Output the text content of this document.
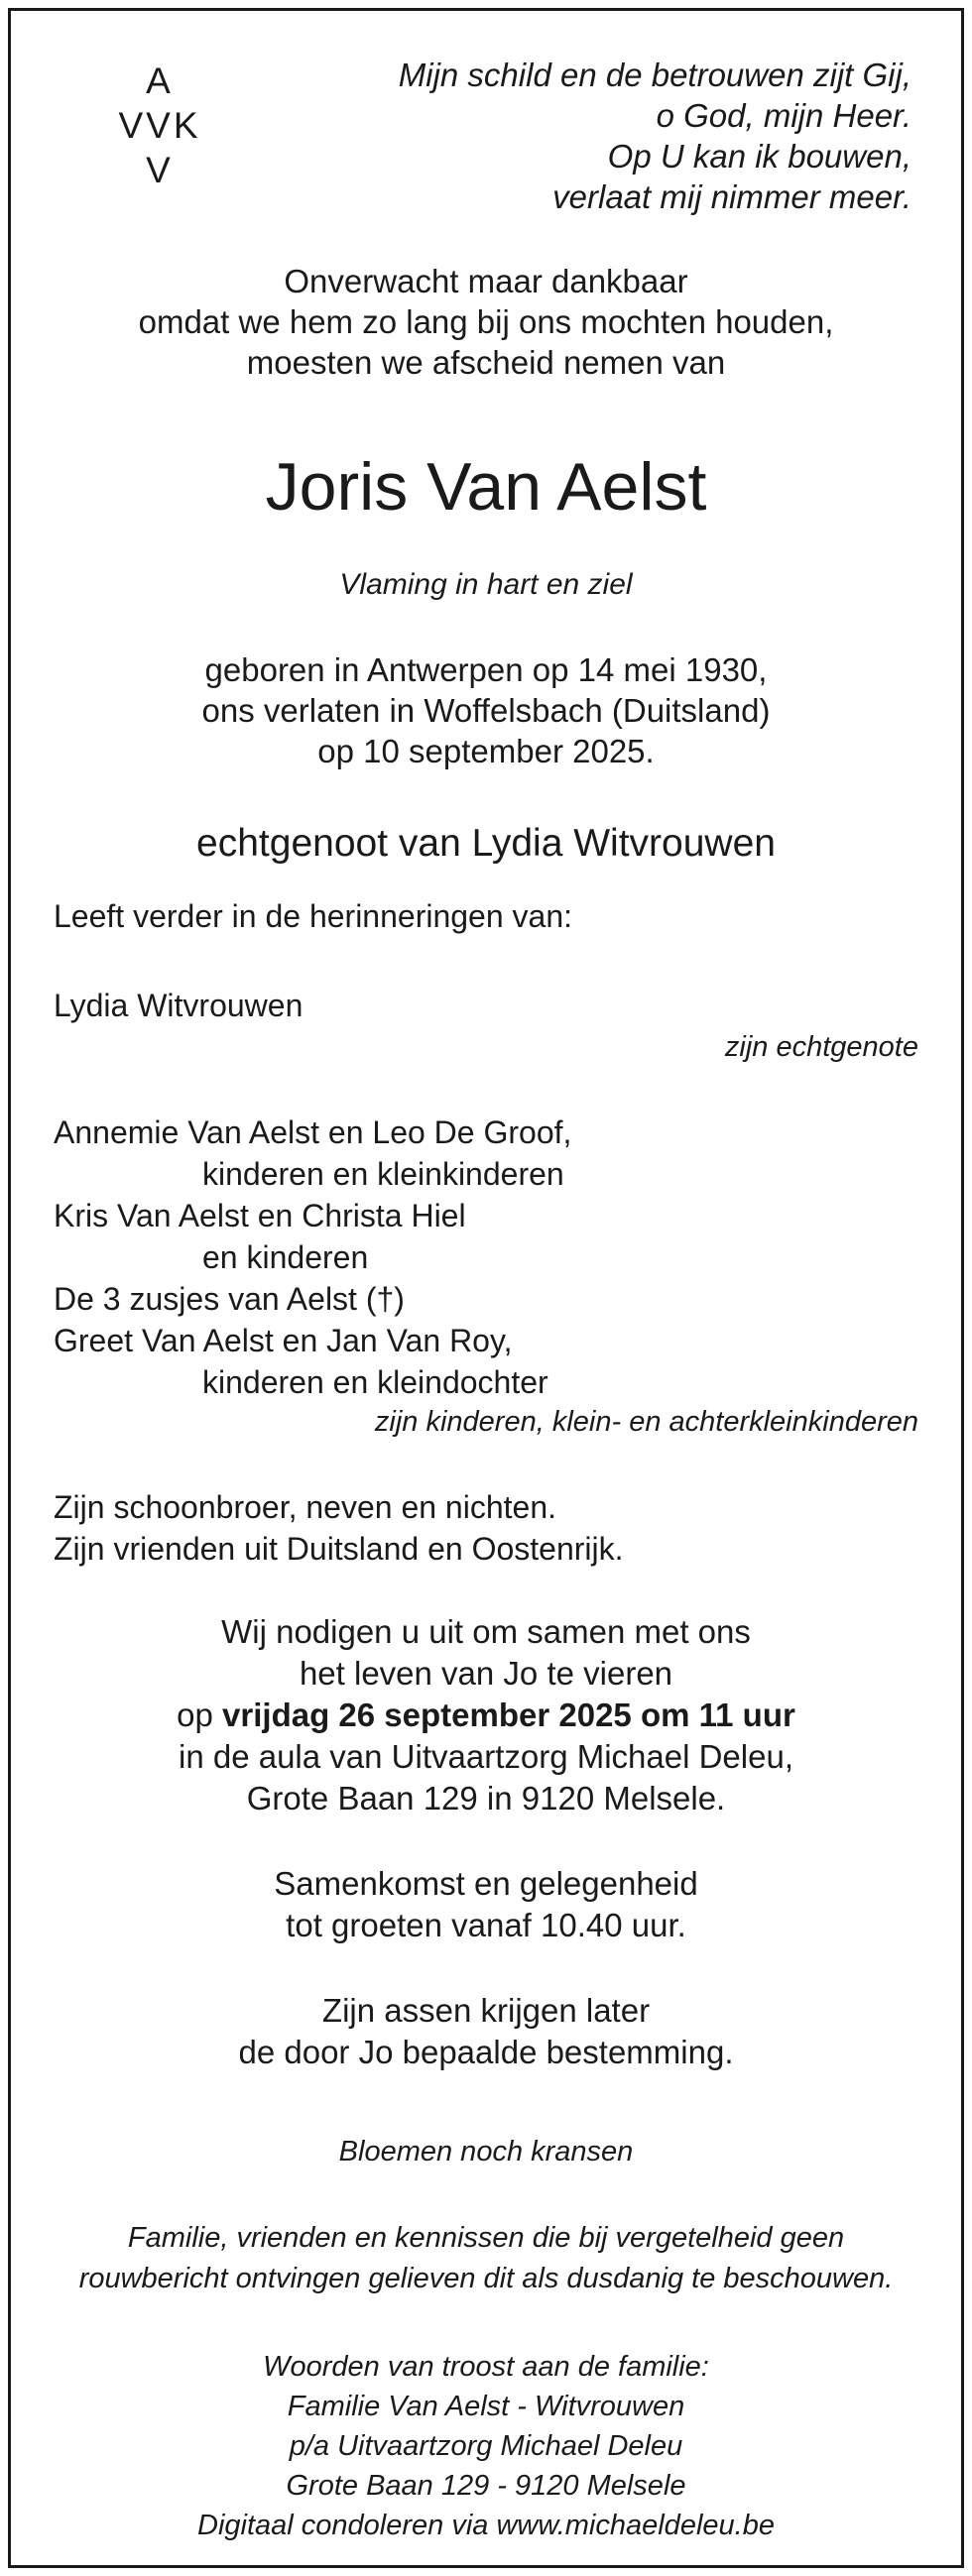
A
VVK
V
Mijn schild en de betrouwen zijt Gij,
o God, mijn Heer.
Op U kan ik bouwen,
verlaat mij nimmer meer.
Onverwacht maar dankbaar
omdat we hem zo lang bij ons mochten houden,
moesten we afscheid nemen van
Joris Van Aelst
Vlaming in hart en ziel
geboren in Antwerpen op 14 mei 1930,
ons verlaten in Woffelsbach (Duitsland)
op 10 september 2025.
echtgenoot van Lydia Witvrouwen
Leeft verder in de herinneringen van:
Lydia Witvrouwen
zijn echtgenote
Annemie Van Aelst en Leo De Groof,
kinderen en kleinkinderen
Kris Van Aelst en Christa Hiel
en kinderen
De 3 zusjes van Aelst (†)
Greet Van Aelst en Jan Van Roy,
kinderen en kleindochter
zijn kinderen, klein- en achterkleinkinderen
Zijn schoonbroer, neven en nichten.
Zijn vrienden uit Duitsland en Oostenrijk.
Wij nodigen u uit om samen met ons
het leven van Jo te vieren
op vrijdag 26 september 2025 om 11 uur
in de aula van Uitvaartzorg Michael Deleu,
Grote Baan 129 in 9120 Melsele.
Samenkomst en gelegenheid
tot groeten vanaf 10.40 uur.
Zijn assen krijgen later
de door Jo bepaalde bestemming.
Bloemen noch kransen
Familie, vrienden en kennissen die bij vergetelheid geen
rouwbericht ontvingen gelieven dit als dusdanig te beschouwen.
Woorden van troost aan de familie:
Familie Van Aelst - Witvrouwen
p/a Uitvaartzorg Michael Deleu
Grote Baan 129 - 9120 Melsele
Digitaal condoleren via www.michaeldeleu.be
